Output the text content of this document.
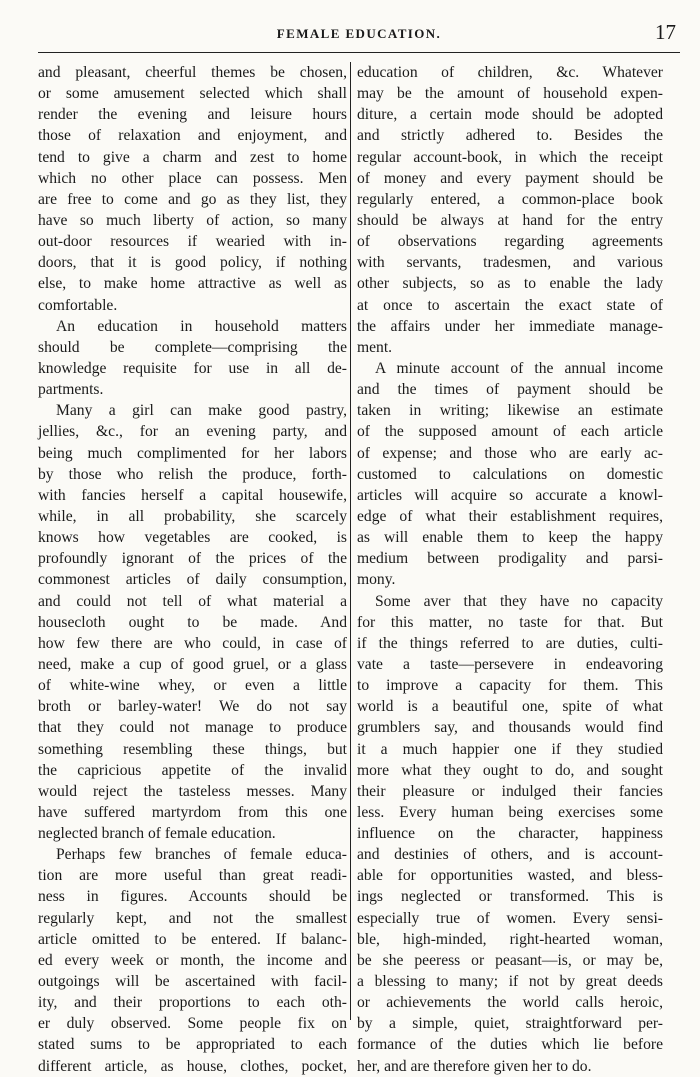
FEMALE EDUCATION.	17
and pleasant, cheerful themes be chosen,
or some amusement selected which shall
render the evening and leisure hours
those of relaxation and enjoyment, and
tend to give a charm and zest to home
which no other place can possess. Men
are free to come and go as they list, they
have so much liberty of action, so many
out-door resources if wearied with in-
doors, that it is good policy, if nothing
else, to make home attractive as well as
comfortable.
An education in household matters
should be complete—comprising the
knowledge requisite for use in all de-
partments.
Many a girl can make good pastry,
jellies, &c., for an evening party, and
being much complimented for her labors
by those who relish the produce, forth-
with fancies herself a capital housewife,
while, in all probability, she scarcely
knows how vegetables are cooked, is
profoundly ignorant of the prices of the
commonest articles of daily consumption,
and could not tell of what material a
housecloth ought to be made. And
how few there are who could, in case of
need, make a cup of good gruel, or a glass
of white-wine whey, or even a little
broth or barley-water! We do not say
that they could not manage to produce
something resembling these things, but
the capricious appetite of the invalid
would reject the tasteless messes. Many
have suffered martyrdom from this one
neglected branch of female education.
Perhaps few branches of female educa-
tion are more useful than great readi-
ness in figures. Accounts should be
regularly kept, and not the smallest
article omitted to be entered. If balanc-
ed every week or month, the income and
outgoings will be ascertained with facil-
ity, and their proportions to each oth-
er duly observed. Some people fix on
stated sums to be appropriated to each
different article, as house, clothes, pocket,
education of children, &c. Whatever
may be the amount of household expen-
diture, a certain mode should be adopted
and strictly adhered to. Besides the
regular account-book, in which the receipt
of money and every payment should be
regularly entered, a common-place book
should be always at hand for the entry
of observations regarding agreements
with servants, tradesmen, and various
other subjects, so as to enable the lady
at once to ascertain the exact state of
the affairs under her immediate manage-
ment.
A minute account of the annual income
and the times of payment should be
taken in writing; likewise an estimate
of the supposed amount of each article
of expense; and those who are early ac-
customed to calculations on domestic
articles will acquire so accurate a knowl-
edge of what their establishment requires,
as will enable them to keep the happy
medium between prodigality and parsi-
mony.
Some aver that they have no capacity
for this matter, no taste for that. But
if the things referred to are duties, culti-
vate a taste—persevere in endeavoring
to improve a capacity for them. This
world is a beautiful one, spite of what
grumblers say, and thousands would find
it a much happier one if they studied
more what they ought to do, and sought
their pleasure or indulged their fancies
less. Every human being exercises some
influence on the character, happiness
and destinies of others, and is account-
able for opportunities wasted, and bless-
ings neglected or transformed. This is
especially true of women. Every sensi-
ble, high-minded, right-hearted woman,
be she peeress or peasant—is, or may be,
a blessing to many; if not by great deeds
or achievements the world calls heroic,
by a simple, quiet, straightforward per-
formance of the duties which lie before
her, and are therefore given her to do.
